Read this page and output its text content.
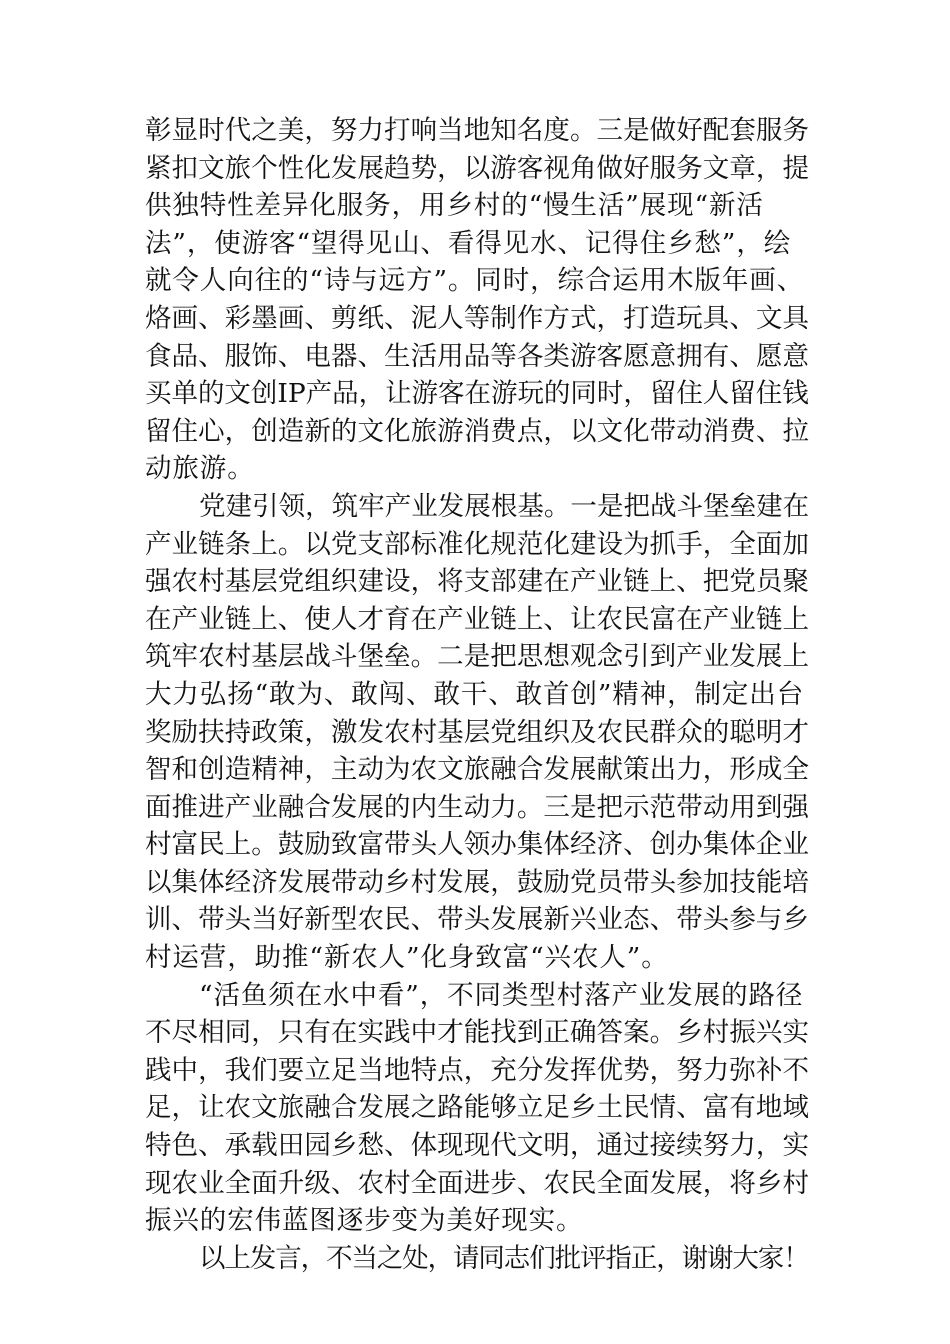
彰显时代之美，努力打响当地知名度。三是做好配套服务
紧扣文旅个性化发展趋势，以游客视角做好服务文章，提
供独特性差异化服务，用乡村的“慢生活”展现“新活
法”，使游客“望得见山、看得见水、记得住乡愁”，绘
就令人向往的“诗与远方”。同时，综合运用木版年画、
烙画、彩墨画、剪纸、泥人等制作方式，打造玩具、文具
食品、服饰、电器、生活用品等各类游客愿意拥有、愿意
买单的文创IP产品，让游客在游玩的同时，留住人留住钱
留住心，创造新的文化旅游消费点，以文化带动消费、拉
动旅游。
党建引领，筑牢产业发展根基。一是把战斗堡垒建在
产业链条上。以党支部标准化规范化建设为抓手，全面加
强农村基层党组织建设，将支部建在产业链上、把党员聚
在产业链上、使人才育在产业链上、让农民富在产业链上
筑牢农村基层战斗堡垒。二是把思想观念引到产业发展上
大力弘扬“敢为、敢闯、敢干、敢首创”精神，制定出台
奖励扶持政策，激发农村基层党组织及农民群众的聪明才
智和创造精神，主动为农文旅融合发展献策出力，形成全
面推进产业融合发展的内生动力。三是把示范带动用到强
村富民上。鼓励致富带头人领办集体经济、创办集体企业
以集体经济发展带动乡村发展，鼓励党员带头参加技能培
训、带头当好新型农民、带头发展新兴业态、带头参与乡
村运营，助推“新农人”化身致富“兴农人”。
“活鱼须在水中看”，不同类型村落产业发展的路径
不尽相同，只有在实践中才能找到正确答案。乡村振兴实
践中，我们要立足当地特点，充分发挥优势，努力弥补不
足，让农文旅融合发展之路能够立足乡土民情、富有地域
特色、承载田园乡愁、体现现代文明，通过接续努力，实
现农业全面升级、农村全面进步、农民全面发展，将乡村
振兴的宏伟蓝图逐步变为美好现实。
以上发言，不当之处，请同志们批评指正，谢谢大家！
